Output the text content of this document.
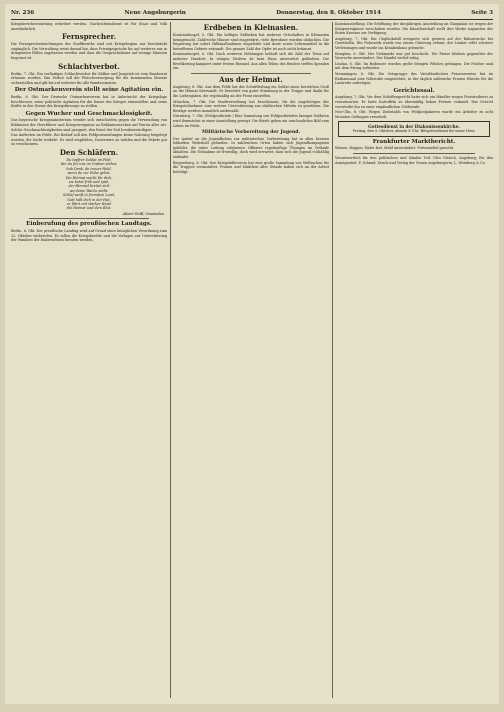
Nr. 236	Neue Augsburgerin	Donnerstag, den 8. Oktober 1914	Seite 3
Kriegsberichterstattung erfordert werden. Nachrichtendienst ist für Staat und Volk unentbehrlich.
Fernsprecher.
Die Fernsprecheinrichtungen des Stadtbezirks sind seit Kriegsbeginn nur beschränkt zugänglich. Die Verwaltung weist darauf hin, dass Privatgespräche bis auf weiteres nur in dringenden Fällen zugelassen werden und dass die Gesprächsdauer auf wenige Minuten begrenzt ist.
Schlachtverbot.
Berlin, 7. Okt. Ein vorläufiges Schlachtverbot für Kälber und Jungvieh ist vom Bundesrat erlassen worden. Das Verbot soll die Fleischversorgung für die kommenden Monate sicherstellen und gilt bis auf weiteres für alle Bundesstaaten.
Der Ostmarkenverein stellt seine Agitation ein.
Berlin, 6. Okt. Der Deutsche Ostmarkenverein hat in Anbetracht der Kriegslage beschlossen, seine politische Agitation für die Dauer des Krieges einzustellen und seine Kräfte in den Dienst der Kriegsfürsorge zu stellen.
Gegen Wucher und Geschmacklosigkeit.
Das bayerische Kriegsministerium wendet sich entschieden gegen die Verwendung von Bildnissen der Heerführer und Kriegsereignisse zu Reklamezwecken auf Waren aller Art. Solche Geschmacklosigkeiten sind geeignet, den Ernst der Zeit herabzuwürdigen.
Das Auftreten im Felde. Bei Bedarf soll den Feldpostsendungen keine Nahrung beigelegt werden, die leicht verdirbt. Es wird empfohlen, Dauerware zu wählen und die Pakete gut zu verschnüren.
Den Schläfern.
Du tapfrer Soldat im Feld,
der du für uns im Graben stehst,
hab Dank, du treuer Held,
wenn du zur Ruhe gehst.
Die Heimat wacht für dich,
sie betet früh und spät,
der Himmel breitet sich
wo deine Wache steht.
Schlaf sanft in fremdem Land,
Gott hält dich in der Hut,
er führt mit starker Hand
die Heimat und dein Blut.
Albert Wolff, Gemünden.
Einberufung des preußischen Landtags.
Berlin, 6. Okt. Der preußische Landtag wird auf Grund einer königlichen Verordnung zum 22. Oktober einberufen. Es sollen die Kriegskredite und die Vorlagen zur Unterstützung der Familien der Einberufenen beraten werden.
Erdbeben in Kleinasien.
Konstantinopel, 5. Okt. Ein heftiges Erdbeben hat mehrere Ortschaften in Kleinasien heimgesucht. Zahlreiche Häuser sind eingestürzt, viele Bewohner wurden obdachlos. Die Regierung hat sofort Hilfsmaßnahmen eingeleitet und Ärzte sowie Lebensmittel in die betroffenen Gebiete entsandt. Die genaue Zahl der Opfer ist noch nicht bekannt.
Konstantinopel, 6. Okt. Nach weiteren Meldungen beläuft sich die Zahl der Toten auf mehrere Hundert. In einigen Dörfern ist kein Haus unversehrt geblieben. Die Bevölkerung kampiert unter freiem Himmel. Aus allen Teilen des Reiches treffen Spenden ein.
Aus der Heimat.
Augsburg, 8. Okt. Aus dem Felde hat der Schriftleitung ein Soldat einen herzlichen Gruß an die Heimat übersandt. Er berichtet von guter Stimmung in der Truppe und dankt für die Liebesgaben, die regelmäßig an der Front eintreffen.
München, 7. Okt. Die Stadtverwaltung hat beschlossen, für die Angehörigen der Kriegsteilnehmer eine weitere Unterstützung aus städtischen Mitteln zu gewähren. Die Beträge werden monatlich ausbezahlt.
Nürnberg, 7. Okt. (Feldpostbriefe.) Eine Sammlung von Feldpostbriefen hiesiger Soldaten wird demnächst in einer Ausstellung gezeigt. Die Briefe geben ein anschauliches Bild vom Leben im Felde.
Militärische Vorbereitung der Jugend.
Der Aufruf an die Jugendlichen zur militärischen Vorbereitung hat in allen Kreisen lebhaften Widerhall gefunden. In zahlreichen Orten haben sich Jugendkompagnien gebildet, die unter Leitung erfahrener Offiziere regelmäßige Übungen im Gelände abhalten. Die Teilnahme ist freiwillig, doch wird erwartet, dass sich die Jugend vollzählig einfindet.
Regensburg, 6. Okt. Der Kriegshilfsverein hat eine große Sammlung von Wollsachen für die Truppen veranstaltet. Frauen und Mädchen aller Stände haben sich an der Arbeit beteiligt.
Kunstausstellung. Die Eröffnung der diesjährigen Ausstellung im Glaspalast ist wegen der Kriegsereignisse verschoben worden. Die Künstlerschaft stellt ihre Werke zugunsten des Roten Kreuzes zur Verfügung.
Augsburg, 7. Okt. Ein Unglücksfall ereignete sich gestern auf der Bahnstrecke bei Gersthofen. Ein Fuhrwerk wurde von einem Güterzug erfasst, der Lenker erlitt schwere Verletzungen und wurde ins Krankenhaus gebracht.
Kempten, 6. Okt. Der Viehmarkt war gut beschickt. Die Preise blieben gegenüber der Vorwoche unverändert. Der Handel verlief ruhig.
Lindau, 6. Okt. Im Bodensee wurden große Mengen Felchen gefangen. Die Fischer sind mit dem Ertrag zufrieden.
Memmingen, 6. Okt. Die Ortsgruppe des Vaterländischen Frauenvereins hat im Rathaussaal eine Nähstube eingerichtet, in der täglich zahlreiche Frauen Wäsche für die Lazarette anfertigen.
Gerichtssaal.
Augsburg, 7. Okt. Vor dem Schöffengericht hatte sich ein Händler wegen Preistreiberei zu verantworten. Er hatte Kartoffeln zu übermäßig hohen Preisen verkauft. Das Gericht verurteilte ihn zu einer empfindlichen Geldstrafe.
Neu-Ulm, 6. Okt. Wegen Diebstahls von Feldpostpaketen wurde ein Arbeiter zu acht Monaten Gefängnis verurteilt.
Gottesdienst in der Diakonissenkirche.
Freitag, den 9. Oktober, abends 8 Uhr: Bittgottesdienst für unser Heer.
Frankfurter Marktbericht.
Weizen, Roggen, Hafer fest. Mehl unverändert. Futtermittel gesucht.
Verantwortlich für den politischen und lokalen Teil: Otto Gleisch, Augsburg; für den Anzeigenteil: F. Schmid; Druck und Verlag der Neuen Augsburgerin, L. Weinberg & Co.
